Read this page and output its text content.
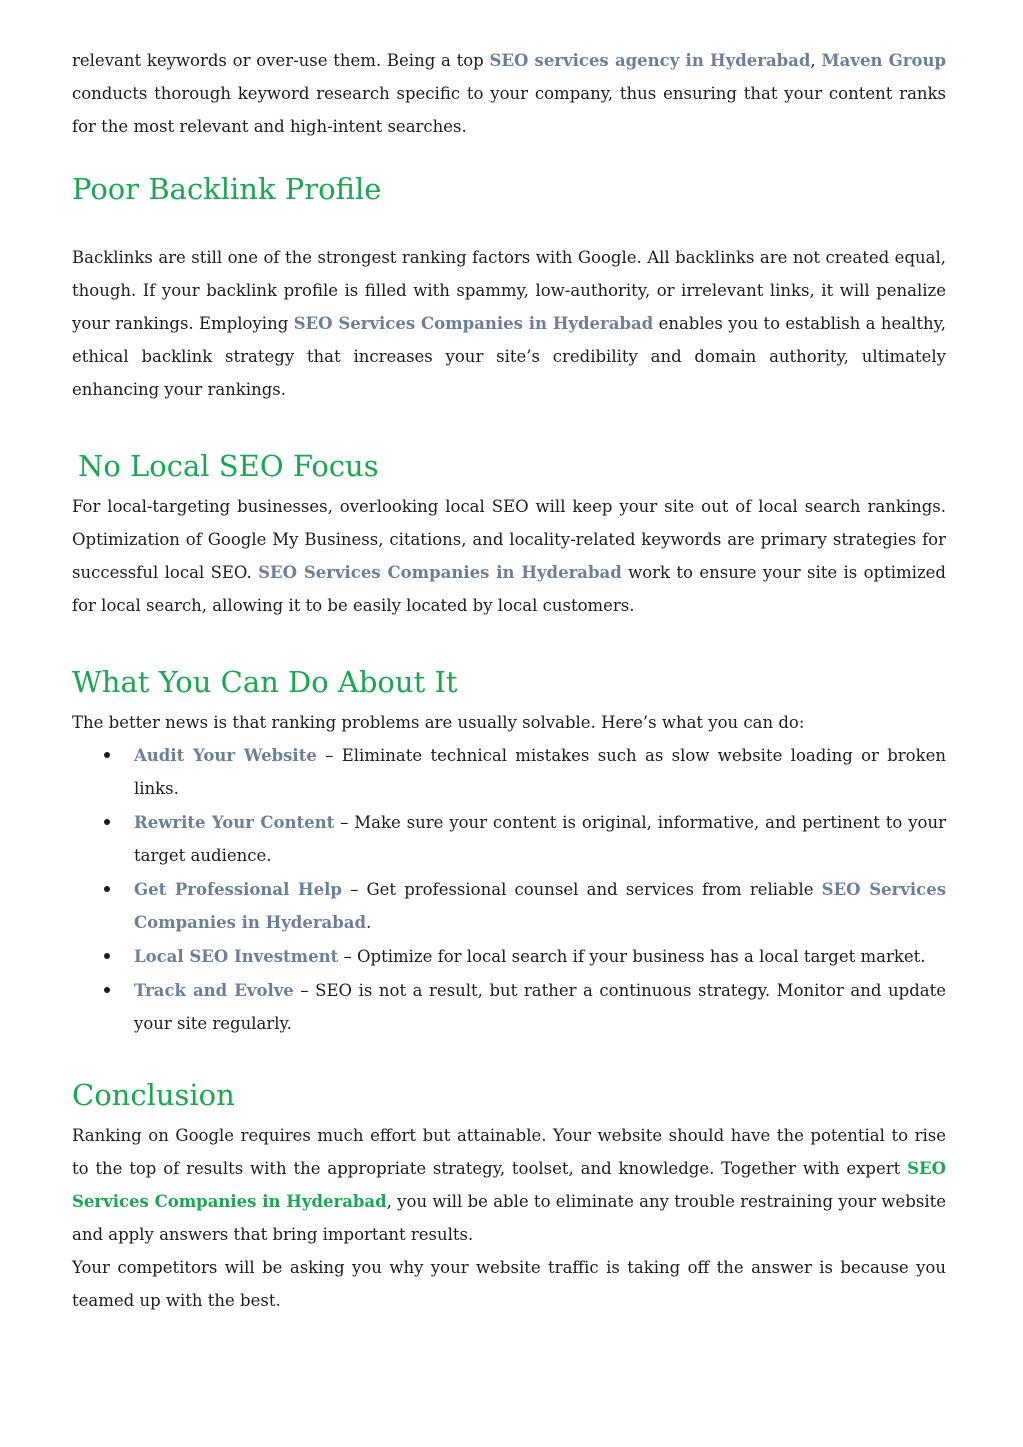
relevant keywords or over-use them. Being a top SEO services agency in Hyderabad, Maven Group conducts thorough keyword research specific to your company, thus ensuring that your content ranks for the most relevant and high-intent searches.

Poor Backlink Profile

Backlinks are still one of the strongest ranking factors with Google. All backlinks are not created equal, though. If your backlink profile is filled with spammy, low-authority, or irrelevant links, it will penalize your rankings. Employing SEO Services Companies in Hyderabad enables you to establish a healthy, ethical backlink strategy that increases your site’s credibility and domain authority, ultimately enhancing your rankings.

No Local SEO Focus

For local-targeting businesses, overlooking local SEO will keep your site out of local search rankings. Optimization of Google My Business, citations, and locality-related keywords are primary strategies for successful local SEO. SEO Services Companies in Hyderabad work to ensure your site is optimized for local search, allowing it to be easily located by local customers.

What You Can Do About It

The better news is that ranking problems are usually solvable. Here’s what you can do:

Audit Your Website – Eliminate technical mistakes such as slow website loading or broken links.
Rewrite Your Content – Make sure your content is original, informative, and pertinent to your target audience.
Get Professional Help – Get professional counsel and services from reliable SEO Services Companies in Hyderabad.
Local SEO Investment – Optimize for local search if your business has a local target market.
Track and Evolve – SEO is not a result, but rather a continuous strategy. Monitor and update your site regularly.
Conclusion

Ranking on Google requires much effort but attainable. Your website should have the potential to rise to the top of results with the appropriate strategy, toolset, and knowledge. Together with expert SEO Services Companies in Hyderabad, you will be able to eliminate any trouble restraining your website and apply answers that bring important results.

Your competitors will be asking you why your website traffic is taking off the answer is because you teamed up with the best.
